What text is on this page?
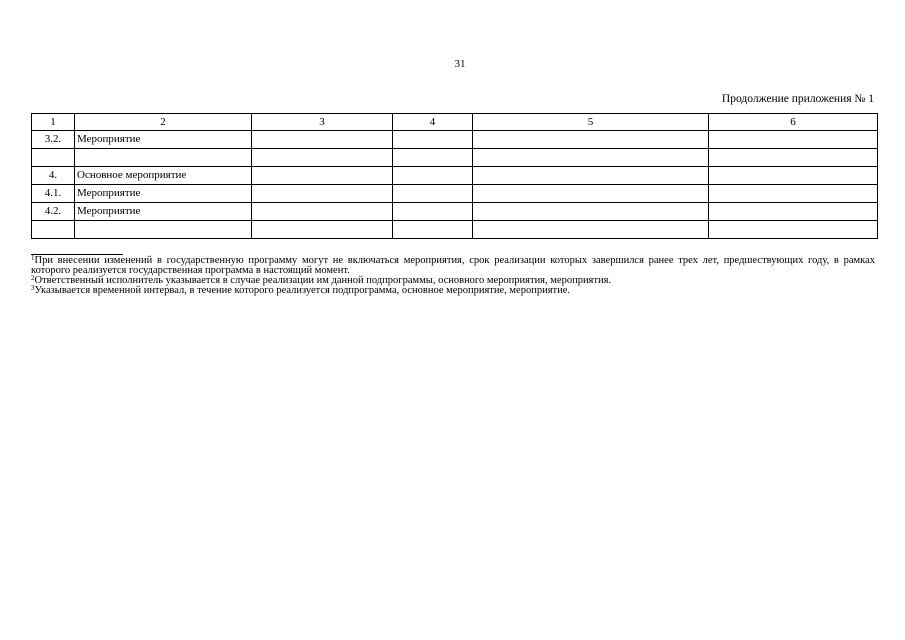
31
Продолжение приложения № 1
1	2	3	4	5	6
3.2.	Мероприятие				

4.	Основное мероприятие				
4.1.	Мероприятие				
4.2.	Мероприятие				

$^1$При внесении изменений в государственную программу могут не включаться мероприятия, срок реализации которых завершился ранее трех лет, предшествующих году, в рамках которого реализуется государственная программа в настоящий момент.

$^2$Ответственный исполнитель указывается в случае реализации им данной подпрограммы, основного мероприятия, мероприятия.

$^3$Указывается временной интервал, в течение которого реализуется подпрограмма, основное мероприятие, мероприятие.
